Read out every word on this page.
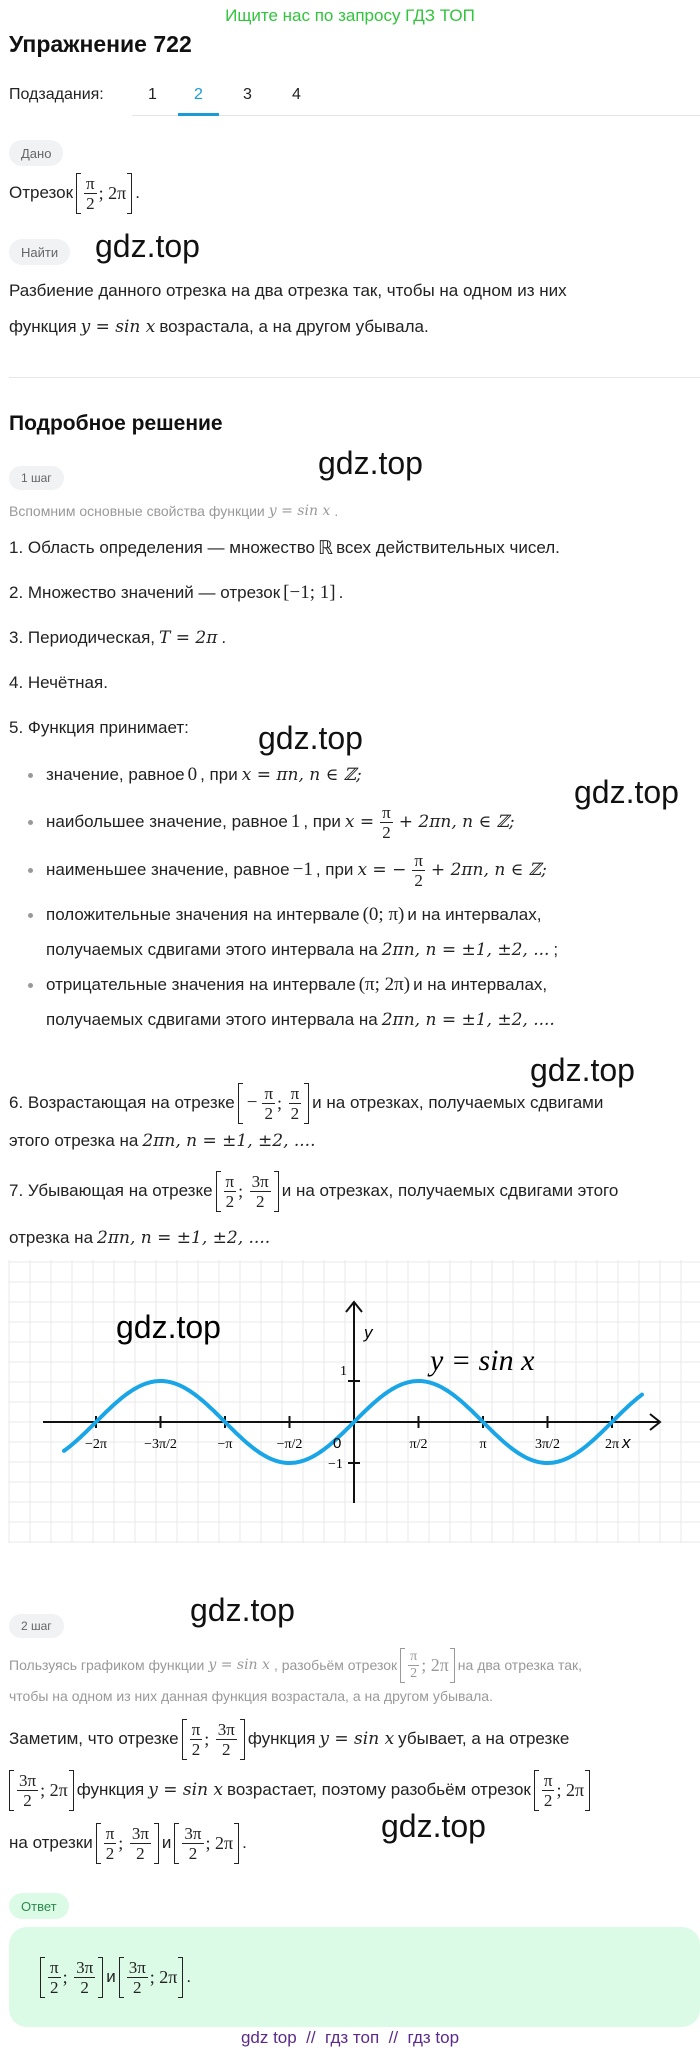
Ищите нас по запросу ГДЗ ТОП
Упражнение 722
Подзадания:	1 2	3	4
Дано
Отрезок $\frac{\pi}{2}$ ; 2π .
Найти	gdz.top
Разбиение данного отрезка на два отрезка так, чтобы на одном из них
функция y = sin x возрастала, а на другом убывала.
Подробное решение
gdz.top
1 шаг
Вспомним основные свойства функции y = sin x .
1. Область определения — множество ℝ всех действительных чисел.
2. Множество значений — отрезок [−1; 1] .
3. Периодическая, T = 2π .
4. Нечётная.
5. Функция принимает: gdz.top
gdz.top
значение, равное 0 , при x = πn, n ∈ ℤ;
наибольшее значение, равное 1 , при $x = \frac{\pi}{2} + 2\pi n$, n ∈ ℤ;
наименьшее значение, равное −1 , при x = − $\frac{\pi}{2} + 2\pi n$, n ∈ ℤ;
положительные значения на интервале (0; π) и на интервалах,
получаемых сдвигами этого интервала на 2πn, n = ±1, ±2, ... ;
отрицательные значения на интервале (π; 2π) и на интервалах,
получаемых сдвигами этого интервала на 2πn, n = ±1, ±2, ....
gdz.top
6. Возрастающая на отрезке − $\frac{\pi}{2}$ ;
$\frac{\pi}{2}$ и на отрезках, получаемых сдвигами
этого отрезка на 2πn, n = ±1, ±2, ....
7. Убывающая на отрезке $\frac{\pi}{2}$ ;
$\frac{3\pi}{2}$ и на отрезках, получаемых сдвигами этого
отрезка на 2πn, n = ±1, ±2, ....
y = sin x
gdz.top
x
y
0
−2π	−3π/2	−π	−π/2	π/2	π	3π/2	2π
1
−1
gdz.top
2 шаг
Пользуясь графиком функции y = sin x , разобьём отрезок $\frac{\pi}{2}$ ; 2π на два отрезка так,
чтобы на одном из них данная функция возрастала, а на другом убывала.
Заметим, что отрезке $\frac{\pi}{2}$ ;
$\frac{3\pi}{2}$ функция y = sin x убывает, а на отрезке
$\frac{3\pi}{2}$ ; 2π функция y = sin x возрастает, поэтому разобьём отрезок $\frac{\pi}{2}$ ; 2π
gdz.top
на отрезки $\frac{\pi}{2}$ ;
$\frac{3\pi}{2}$ и $\frac{3\pi}{2}$ ; 2π .
Ответ
$\frac{\pi}{2}$ ;
$\frac{3\pi}{2}$ и $\frac{3\pi}{2}$ ; 2π .
gdz top  //  гдз топ  //  гдз top
